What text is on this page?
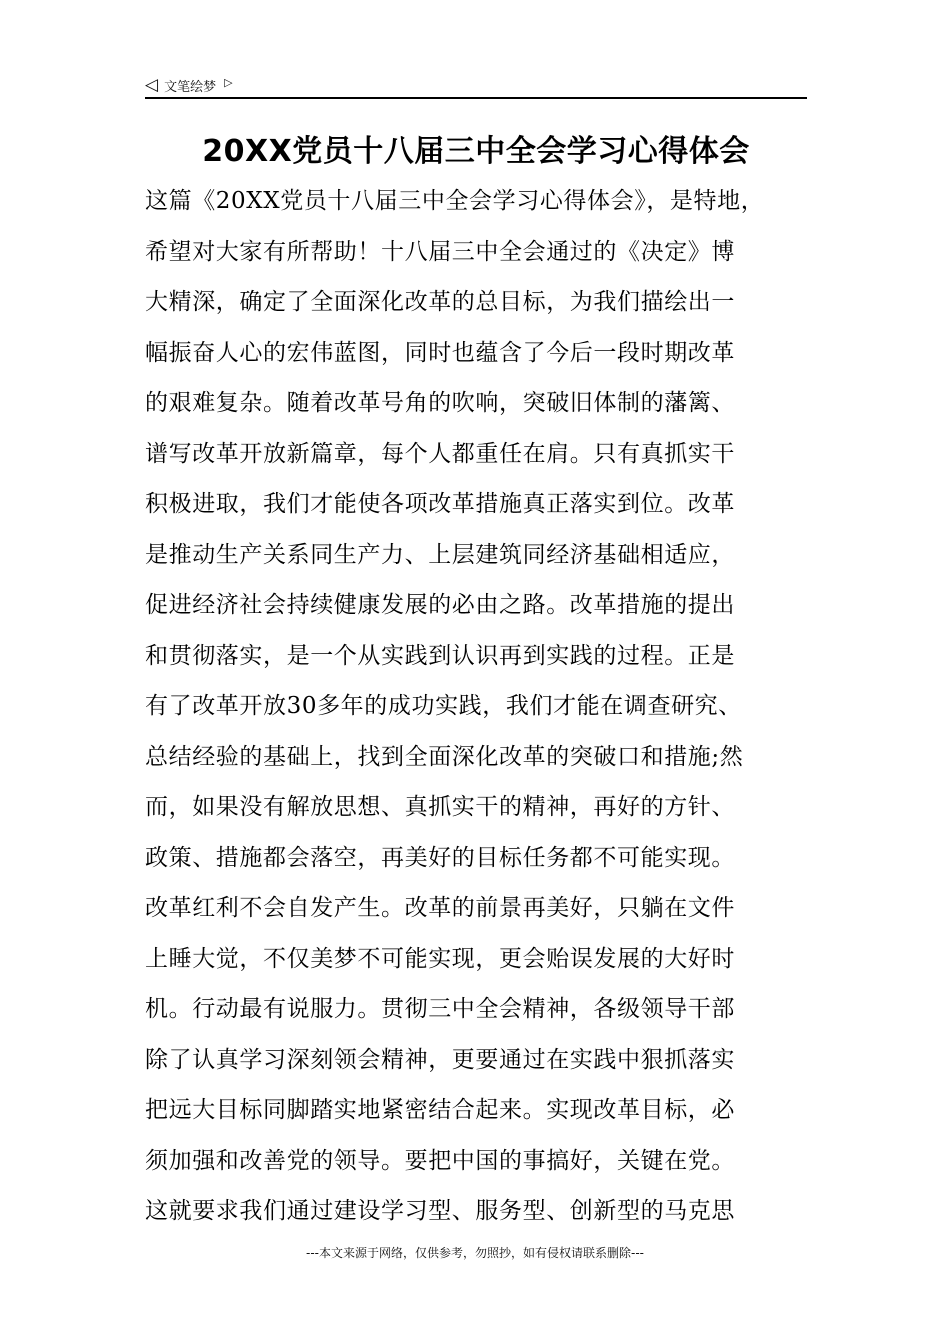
◁ 文笔绘梦 ▷
20XX党员十八届三中全会学习心得体会
这篇《20XX党员十八届三中全会学习心得体会》，是特地，
希望对大家有所帮助！十八届三中全会通过的《决定》博
大精深，确定了全面深化改革的总目标，为我们描绘出一
幅振奋人心的宏伟蓝图，同时也蕴含了今后一段时期改革
的艰难复杂。随着改革号角的吹响，突破旧体制的藩篱、
谱写改革开放新篇章，每个人都重任在肩。只有真抓实干
积极进取，我们才能使各项改革措施真正落实到位。改革
是推动生产关系同生产力、上层建筑同经济基础相适应，
促进经济社会持续健康发展的必由之路。改革措施的提出
和贯彻落实，是一个从实践到认识再到实践的过程。正是
有了改革开放30多年的成功实践，我们才能在调查研究、
总结经验的基础上，找到全面深化改革的突破口和措施;然
而，如果没有解放思想、真抓实干的精神，再好的方针、
政策、措施都会落空，再美好的目标任务都不可能实现。
改革红利不会自发产生。改革的前景再美好，只躺在文件
上睡大觉，不仅美梦不可能实现，更会贻误发展的大好时
机。行动最有说服力。贯彻三中全会精神，各级领导干部
除了认真学习深刻领会精神，更要通过在实践中狠抓落实
把远大目标同脚踏实地紧密结合起来。实现改革目标，必
须加强和改善党的领导。要把中国的事搞好，关键在党。
这就要求我们通过建设学习型、服务型、创新型的马克思
---本文来源于网络，仅供参考，勿照抄，如有侵权请联系删除---
